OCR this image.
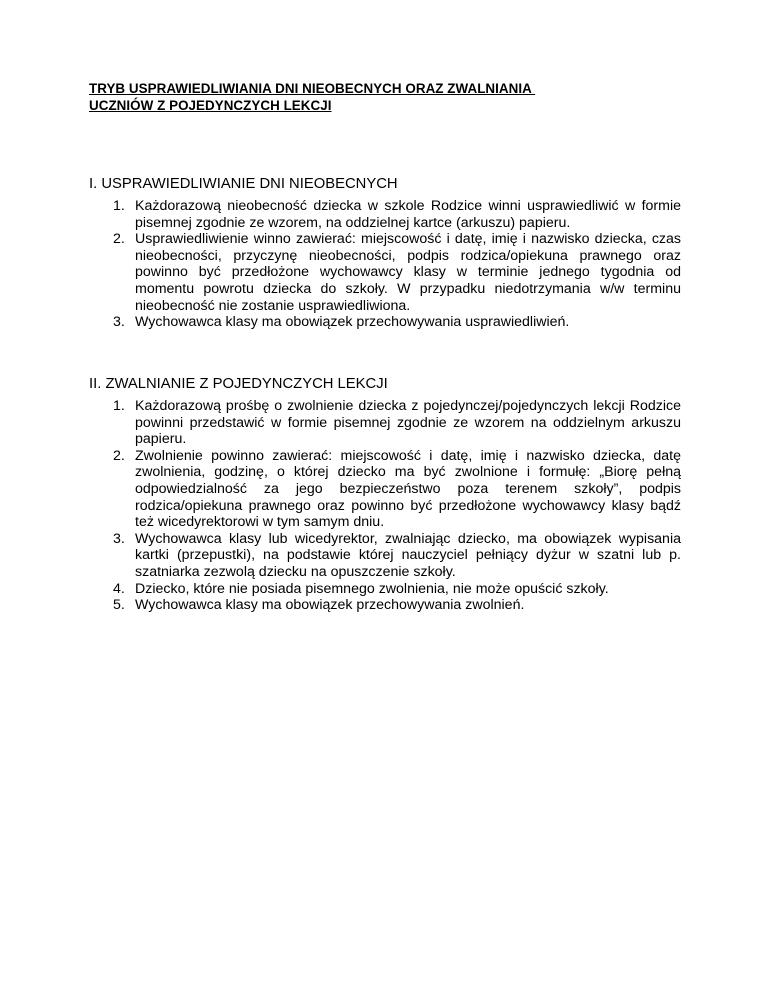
TRYB USPRAWIEDLIWIANIA DNI NIEOBECNYCH ORAZ ZWALNIANIA
UCZNIÓW Z POJEDYNCZYCH LEKCJI
I. USPRAWIEDLIWIANIE DNI NIEOBECNYCH
1. Każdorazową nieobecność dziecka w szkole Rodzice winni usprawiedliwić w formie pisemnej zgodnie ze wzorem, na oddzielnej kartce (arkuszu) papieru.
2. Usprawiedliwienie winno zawierać: miejscowość i datę, imię i nazwisko dziecka, czas nieobecności, przyczynę nieobecności, podpis rodzica/opiekuna prawnego oraz powinno być przedłożone wychowawcy klasy w terminie jednego tygodnia od momentu powrotu dziecka do szkoły. W przypadku niedotrzymania w/w terminu nieobecność nie zostanie usprawiedliwiona.
3. Wychowawca klasy ma obowiązek przechowywania usprawiedliwień.
II. ZWALNIANIE Z POJEDYNCZYCH LEKCJI
1. Każdorazową prośbę o zwolnienie dziecka z pojedynczej/pojedynczych lekcji Rodzice powinni przedstawić w formie pisemnej zgodnie ze wzorem na oddzielnym arkuszu papieru.
2. Zwolnienie powinno zawierać: miejscowość i datę, imię i nazwisko dziecka, datę zwolnienia, godzinę, o której dziecko ma być zwolnione i formułę: „Biorę pełną odpowiedzialność za jego bezpieczeństwo poza terenem szkoły”, podpis rodzica/opiekuna prawnego oraz powinno być przedłożone wychowawcy klasy bądź też wicedyrektorowi w tym samym dniu.
3. Wychowawca klasy lub wicedyrektor, zwalniając dziecko, ma obowiązek wypisania kartki (przepustki), na podstawie której nauczyciel pełniący dyżur w szatni lub p. szatniarka zezwolą dziecku na opuszczenie szkoły.
4. Dziecko, które nie posiada pisemnego zwolnienia, nie może opuścić szkoły.
5. Wychowawca klasy ma obowiązek przechowywania zwolnień.
